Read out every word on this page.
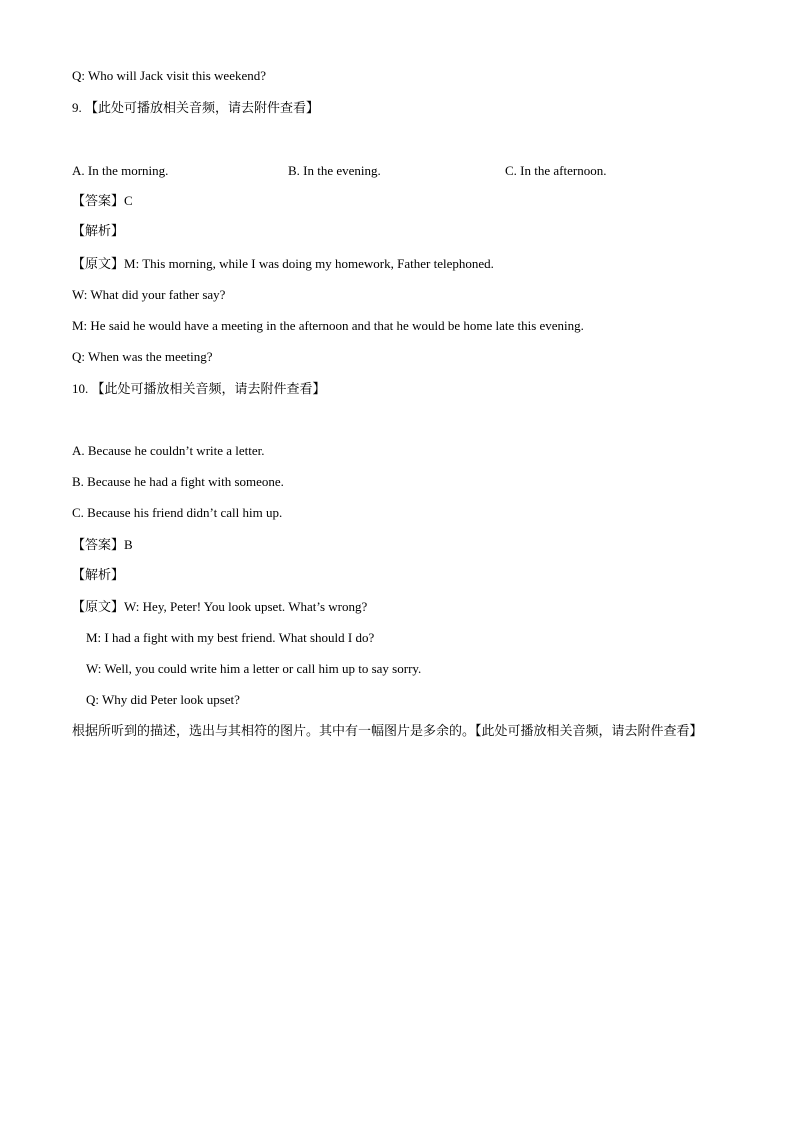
Q: Who will Jack visit this weekend?
9. 【此处可播放相关音频，请去附件查看】
A. In the morning.	B. In the evening.	C. In the afternoon.
【答案】C
【解析】
【原文】M: This morning, while I was doing my homework, Father telephoned.
W: What did your father say?
M: He said he would have a meeting in the afternoon and that he would be home late this evening.
Q: When was the meeting?
10. 【此处可播放相关音频，请去附件查看】
A. Because he couldn’t write a letter.
B. Because he had a fight with someone.
C. Because his friend didn’t call him up.
【答案】B
【解析】
【原文】W: Hey, Peter! You look upset. What’s wrong?
M: I had a fight with my best friend. What should I do?
W: Well, you could write him a letter or call him up to say sorry.
Q: Why did Peter look upset?
根据所听到的描述，选出与其相符的图片。其中有一幅图片是多余的。【此处可播放相关音频，请去附件查看】
